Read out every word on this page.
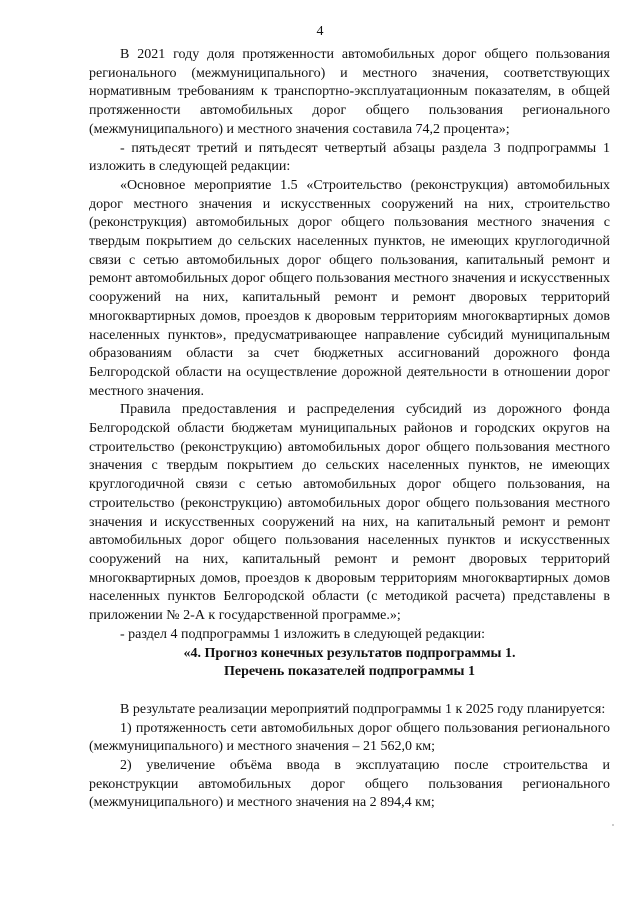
4

В 2021 году доля протяженности автомобильных дорог общего пользования регионального (межмуниципального) и местного значения, соответствующих нормативным требованиям к транспортно-эксплуатационным показателям, в общей протяженности автомобильных дорог общего пользования регионального (межмуниципального) и местного значения составила 74,2 процента»;

- пятьдесят третий и пятьдесят четвертый абзацы раздела 3 подпрограммы 1 изложить в следующей редакции:

«Основное мероприятие 1.5 «Строительство (реконструкция) автомобильных дорог местного значения и искусственных сооружений на них, строительство (реконструкция) автомобильных дорог общего пользования местного значения с твердым покрытием до сельских населенных пунктов, не имеющих круглогодичной связи с сетью автомобильных дорог общего пользования, капитальный ремонт и ремонт автомобильных дорог общего пользования местного значения и искусственных сооружений на них, капитальный ремонт и ремонт дворовых территорий многоквартирных домов, проездов к дворовым территориям многоквартирных домов населенных пунктов», предусматривающее направление субсидий муниципальным образованиям области за счет бюджетных ассигнований дорожного фонда Белгородской области на осуществление дорожной деятельности в отношении дорог местного значения.

Правила предоставления и распределения субсидий из дорожного фонда Белгородской области бюджетам муниципальных районов и городских округов на строительство (реконструкцию) автомобильных дорог общего пользования местного значения с твердым покрытием до сельских населенных пунктов, не имеющих круглогодичной связи с сетью автомобильных дорог общего пользования, на строительство (реконструкцию) автомобильных дорог общего пользования местного значения и искусственных сооружений на них, на капитальный ремонт и ремонт автомобильных дорог общего пользования населенных пунктов и искусственных сооружений на них, капитальный ремонт и ремонт дворовых территорий многоквартирных домов, проездов к дворовым территориям многоквартирных домов населенных пунктов Белгородской области (с методикой расчета) представлены в приложении № 2-А к государственной программе.»;

- раздел 4 подпрограммы 1 изложить в следующей редакции:

«4. Прогноз конечных результатов подпрограммы 1.

Перечень показателей подпрограммы 1

В результате реализации мероприятий подпрограммы 1 к 2025 году планируется:

1) протяженность сети автомобильных дорог общего пользования регионального (межмуниципального) и местного значения – 21 562,0 км;

2) увеличение объёма ввода в эксплуатацию после строительства и реконструкции автомобильных дорог общего пользования регионального (межмуниципального) и местного значения на 2 894,4 км;
